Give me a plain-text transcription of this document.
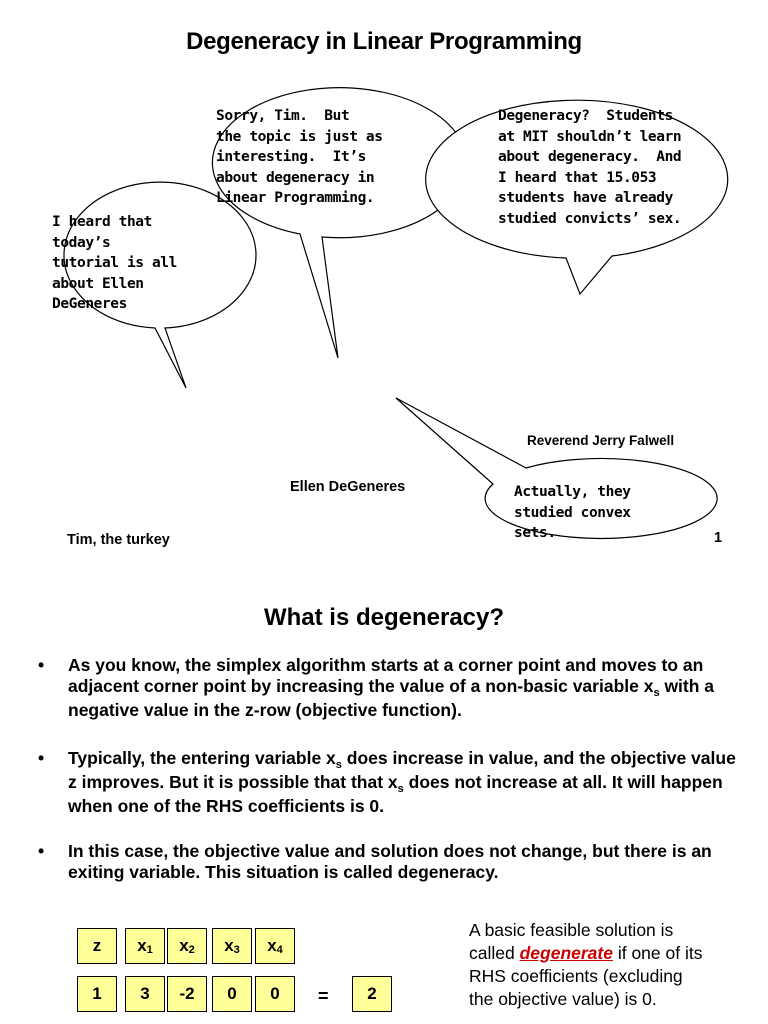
Degeneracy in Linear Programming
I heard that
today’s
tutorial is all
about Ellen
DeGeneres
Sorry, Tim.  But
the topic is just as
interesting.  It’s
about degeneracy in
Linear Programming.
Degeneracy?  Students
at MIT shouldn’t learn
about degeneracy.  And
I heard that 15.053
students have already
studied convicts’ sex.
Actually, they
studied convex
sets.
Reverend Jerry Falwell
Ellen DeGeneres
Tim, the turkey	1
What is degeneracy?
• As you know, the simplex algorithm starts at a corner point and moves to an adjacent corner point by increasing the value of a non-basic variable $x_s$ with a negative value in the z-row (objective function).
• Typically, the entering variable $x_s$ does increase in value, and the objective value z improves. But it is possible that that $x_s$ does not increase at all. It will happen when one of the RHS coefficients is 0.
• In this case, the objective value and solution does not change, but there is an exiting variable. This situation is called degeneracy.
z $x_1$ $x_2$ $x_3$ $x_4$
1	3	-2	0	0	=	2
A basic feasible solution is called degenerate if one of its RHS coefficients (excluding the objective value) is 0.
